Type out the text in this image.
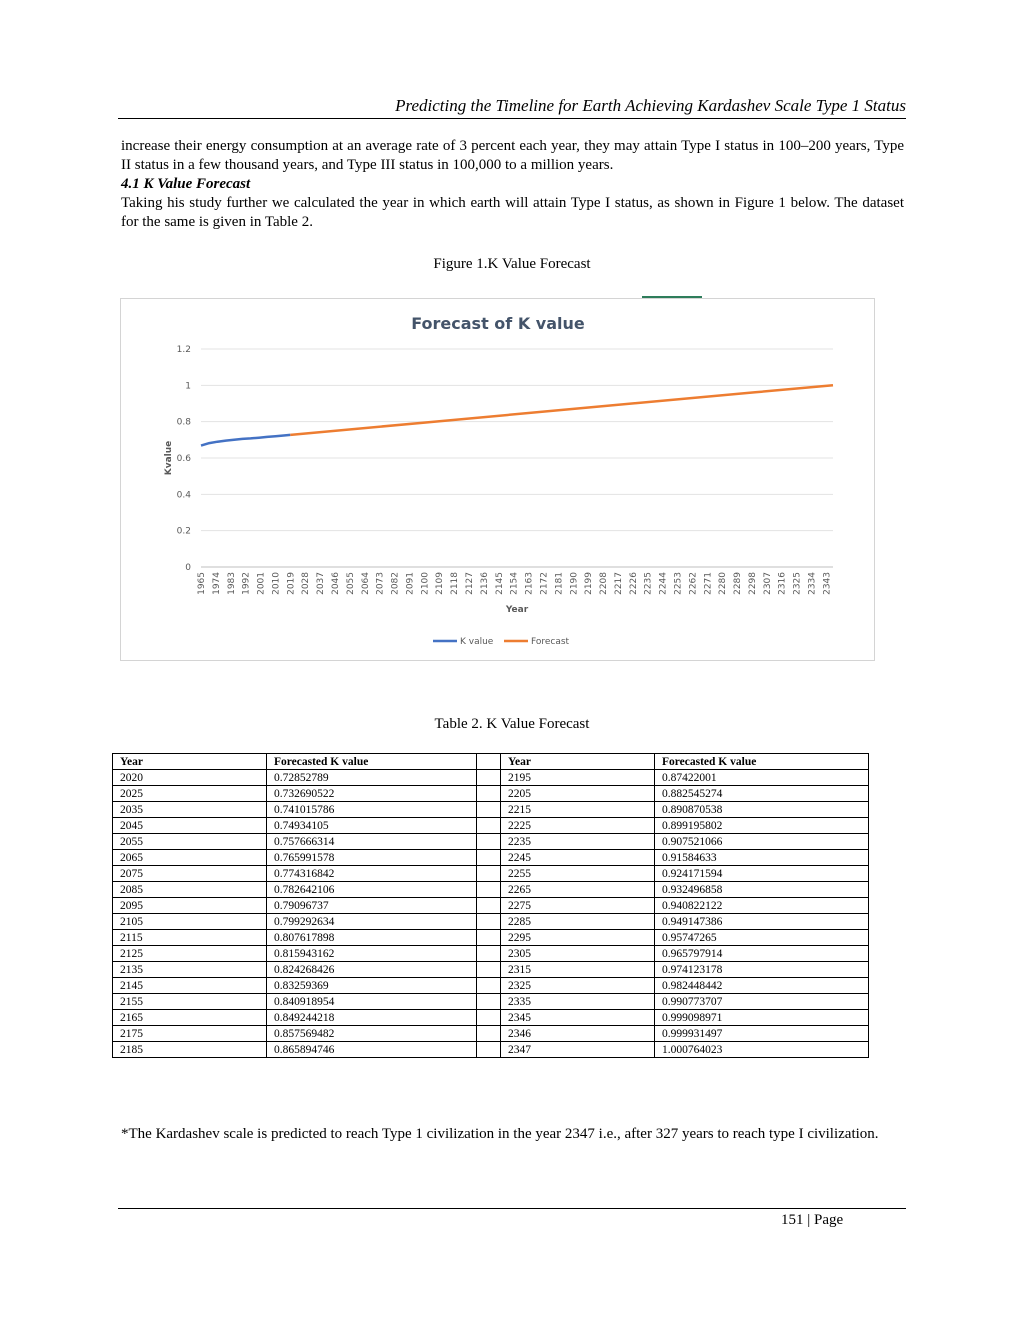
Predicting the Timeline for Earth Achieving Kardashev Scale Type 1 Status

increase their energy consumption at an average rate of 3 percent each year, they may attain Type I status in 100–200 years, Type II status in a few thousand years, and Type III status in 100,000 to a million years.

4.1 K Value Forecast

Taking his study further we calculated the year in which earth will attain Type I status, as shown in Figure 1 below. The dataset for the same is given in Table 2.

Figure 1.K Value Forecast
Forecast of K value
0
0.2
0.4
0.6
0.8
1
1.2
1965 1974 1983 1992 2001 2010 2019 2028 2037 2046 2055 2064 2073 2082 2091 2100 2109 2118 2127 2136 2145 2154 2163 2172 2181 2190 2199 2208 2217 2226 2235 2244 2253 2262 2271 2280 2289 2298 2307 2316 2325 2334 2343
Year
Kvalue
K value	Forecast
Table 2. K Value Forecast
Year	Forecasted K value		Year	Forecasted K value
2020	0.72852789		2195	0.87422001
2025	0.732690522		2205	0.882545274
2035	0.741015786		2215	0.890870538
2045	0.74934105		2225	0.899195802
2055	0.757666314		2235	0.907521066
2065	0.765991578		2245	0.91584633
2075	0.774316842		2255	0.924171594
2085	0.782642106		2265	0.932496858
2095	0.79096737		2275	0.940822122
2105	0.799292634		2285	0.949147386
2115	0.807617898		2295	0.95747265
2125	0.815943162		2305	0.965797914
2135	0.824268426		2315	0.974123178
2145	0.83259369		2325	0.982448442
2155	0.840918954		2335	0.990773707
2165	0.849244218		2345	0.999098971
2175	0.857569482		2346	0.999931497
2185	0.865894746		2347	1.000764023

*The Kardashev scale is predicted to reach Type 1 civilization in the year 2347 i.e., after 327 years to reach type I civilization.

151 | Page
